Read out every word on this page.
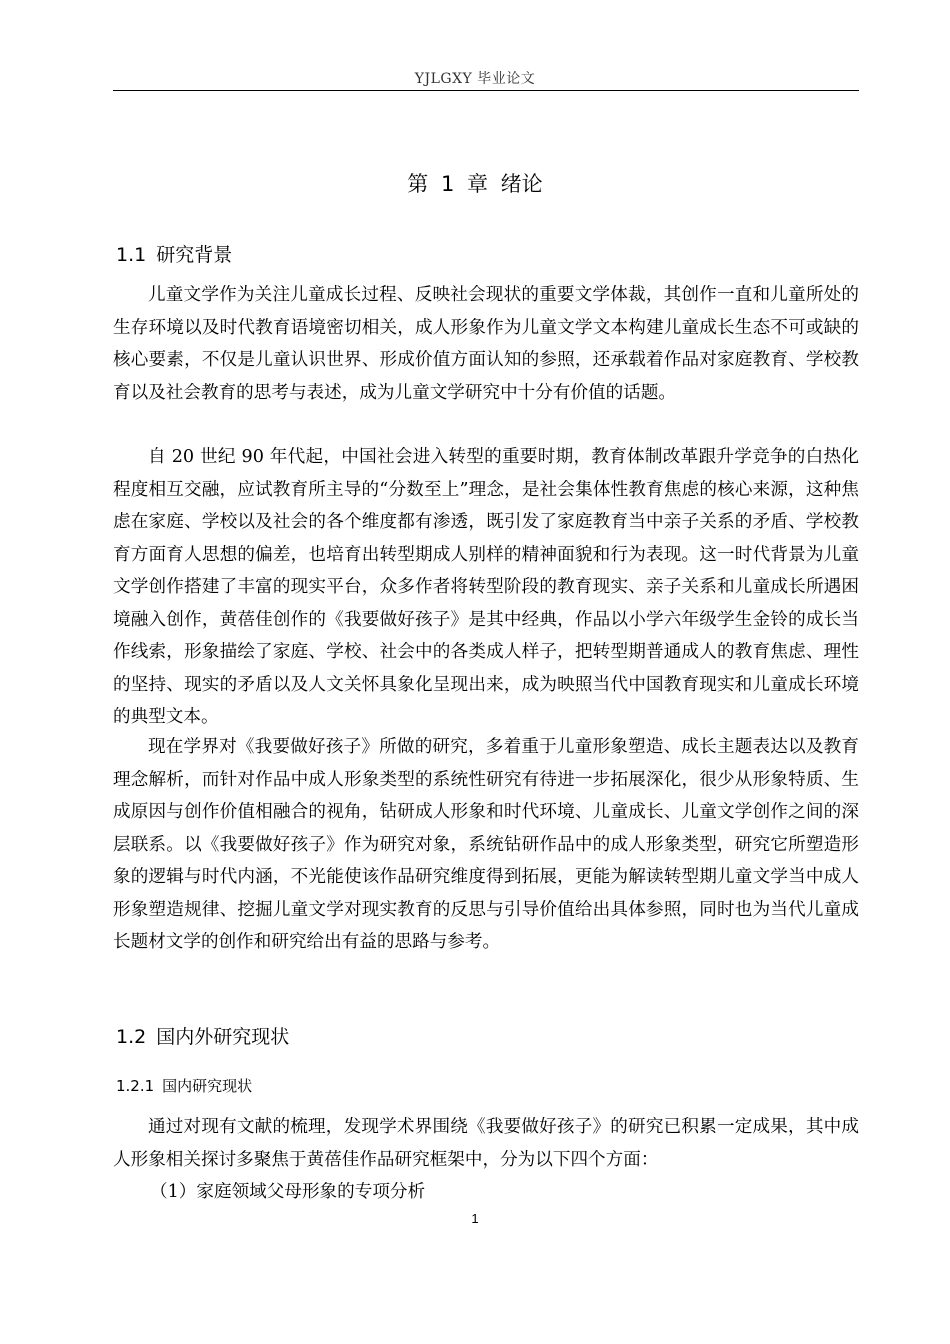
YJLGXY 毕业论文
第 1 章 绪论
1.1 研究背景

儿童文学作为关注儿童成长过程、反映社会现状的重要文学体裁，其创作一直和儿童所处的生存环境以及时代教育语境密切相关，成人形象作为儿童文学文本构建儿童成长生态不可或缺的核心要素，不仅是儿童认识世界、形成价值方面认知的参照，还承载着作品对家庭教育、学校教育以及社会教育的思考与表述，成为儿童文学研究中十分有价值的话题。

自 20 世纪 90 年代起，中国社会进入转型的重要时期，教育体制改革跟升学竞争的白热化程度相互交融，应试教育所主导的“分数至上”理念，是社会集体性教育焦虑的核心来源，这种焦虑在家庭、学校以及社会的各个维度都有渗透，既引发了家庭教育当中亲子关系的矛盾、学校教育方面育人思想的偏差，也培育出转型期成人别样的精神面貌和行为表现。这一时代背景为儿童文学创作搭建了丰富的现实平台，众多作者将转型阶段的教育现实、亲子关系和儿童成长所遇困境融入创作，黄蓓佳创作的《我要做好孩子》是其中经典，作品以小学六年级学生金铃的成长当作线索，形象描绘了家庭、学校、社会中的各类成人样子，把转型期普通成人的教育焦虑、理性的坚持、现实的矛盾以及人文关怀具象化呈现出来，成为映照当代中国教育现实和儿童成长环境的典型文本。

现在学界对《我要做好孩子》所做的研究，多着重于儿童形象塑造、成长主题表达以及教育理念解析，而针对作品中成人形象类型的系统性研究有待进一步拓展深化，很少从形象特质、生成原因与创作价值相融合的视角，钻研成人形象和时代环境、儿童成长、儿童文学创作之间的深层联系。以《我要做好孩子》作为研究对象，系统钻研作品中的成人形象类型，研究它所塑造形象的逻辑与时代内涵，不光能使该作品研究维度得到拓展，更能为解读转型期儿童文学当中成人形象塑造规律、挖掘儿童文学对现实教育的反思与引导价值给出具体参照，同时也为当代儿童成长题材文学的创作和研究给出有益的思路与参考。

1.2 国内外研究现状
1.2.1 国内研究现状

通过对现有文献的梳理，发现学术界围绕《我要做好孩子》的研究已积累一定成果，其中成人形象相关探讨多聚焦于黄蓓佳作品研究框架中，分为以下四个方面：

（1）家庭领域父母形象的专项分析

1
